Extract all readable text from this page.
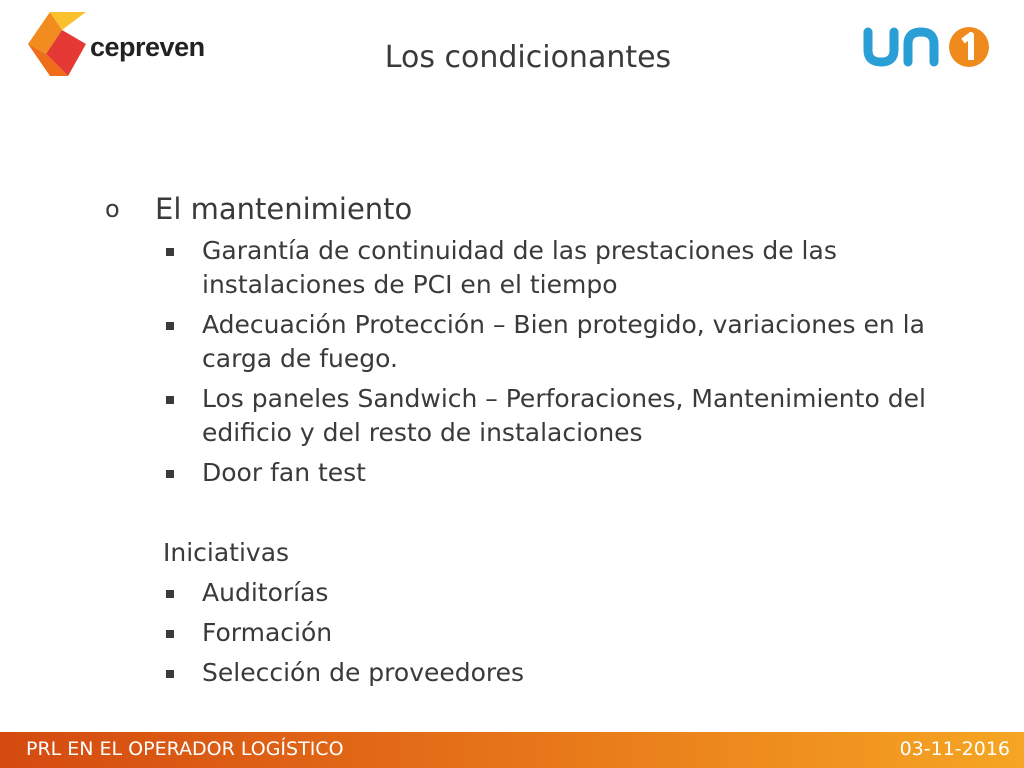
cepreven	Los condicionantes
o El mantenimiento
Garantía de continuidad de las prestaciones de las instalaciones de PCI en el tiempo
Adecuación Protección – Bien protegido, variaciones en la carga de fuego.
Los paneles Sandwich – Perforaciones, Mantenimiento del edificio y del resto de instalaciones
Door fan test
Iniciativas
Auditorías
Formación
Selección de proveedores
PRL EN EL OPERADOR LOGÍSTICO	03-11-2016
